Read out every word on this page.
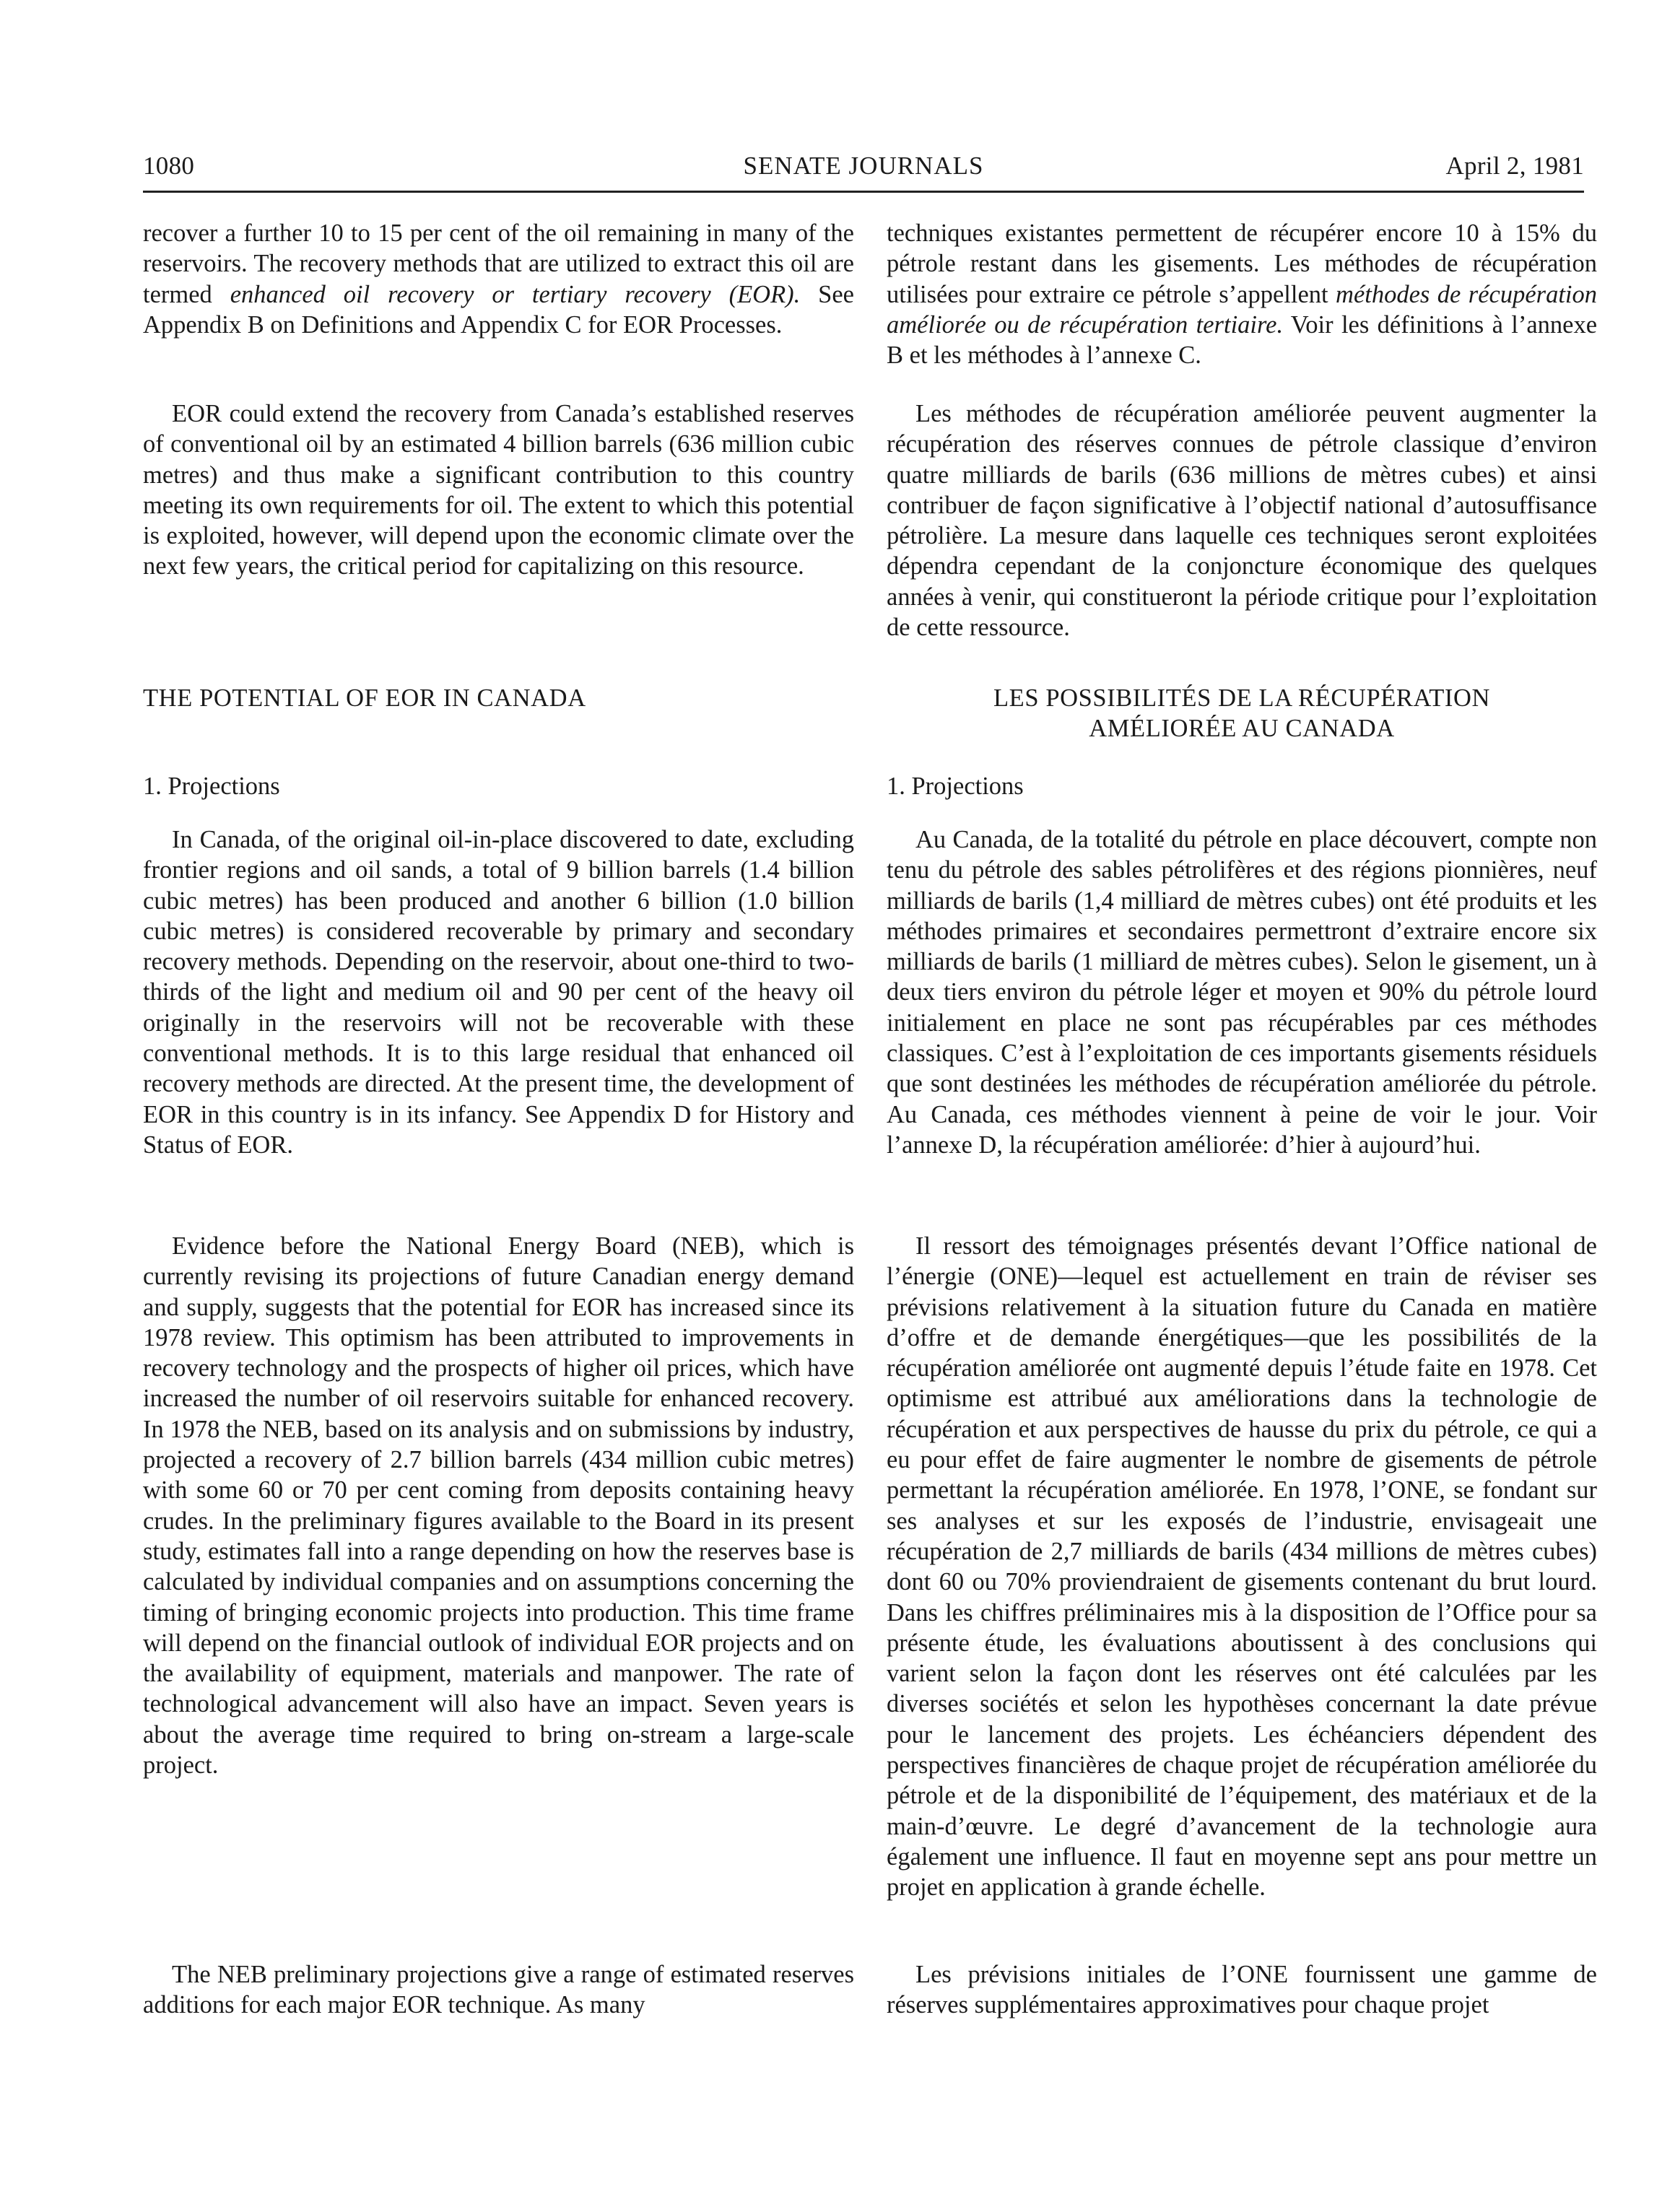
1080	SENATE JOURNALS	April 2, 1981

recover a further 10 to 15 per cent of the oil remaining in many of the reservoirs. The recovery methods that are utilized to extract this oil are termed enhanced oil recovery or tertiary recovery (EOR). See Appendix B on Definitions and Appendix C for EOR Processes.

EOR could extend the recovery from Canada’s established reserves of conventional oil by an estimated 4 billion barrels (636 million cubic metres) and thus make a significant contribution to this country meeting its own requirements for oil. The extent to which this potential is exploited, however, will depend upon the economic climate over the next few years, the critical period for capitalizing on this resource.

THE POTENTIAL OF EOR IN CANADA

1. Projections

In Canada, of the original oil-in-place discovered to date, excluding frontier regions and oil sands, a total of 9 billion barrels (1.4 billion cubic metres) has been produced and another 6 billion (1.0 billion cubic metres) is considered recoverable by primary and secondary recovery methods. Depending on the reservoir, about one-third to two-thirds of the light and medium oil and 90 per cent of the heavy oil originally in the reservoirs will not be recoverable with these conventional methods. It is to this large residual that enhanced oil recovery methods are directed. At the present time, the development of EOR in this country is in its infancy. See Appendix D for History and Status of EOR.

Evidence before the National Energy Board (NEB), which is currently revising its projections of future Canadian energy demand and supply, suggests that the potential for EOR has increased since its 1978 review. This optimism has been attributed to improvements in recovery technology and the prospects of higher oil prices, which have increased the number of oil reservoirs suitable for enhanced recovery. In 1978 the NEB, based on its analysis and on submissions by industry, projected a recovery of 2.7 billion barrels (434 million cubic metres) with some 60 or 70 per cent coming from deposits containing heavy crudes. In the preliminary figures available to the Board in its present study, estimates fall into a range depending on how the reserves base is calculated by individual companies and on assumptions concerning the timing of bringing economic projects into production. This time frame will depend on the financial outlook of individual EOR projects and on the availability of equipment, materials and manpower. The rate of technological advancement will also have an impact. Seven years is about the average time required to bring on-stream a large-scale project.

The NEB preliminary projections give a range of estimated reserves additions for each major EOR technique. As many

techniques existantes permettent de récupérer encore 10 à 15% du pétrole restant dans les gisements. Les méthodes de récupération utilisées pour extraire ce pétrole s’appellent méthodes de récupération améliorée ou de récupération tertiaire. Voir les définitions à l’annexe B et les méthodes à l’annexe C.

Les méthodes de récupération améliorée peuvent augmenter la récupération des réserves connues de pétrole classique d’environ quatre milliards de barils (636 millions de mètres cubes) et ainsi contribuer de façon significative à l’objectif national d’autosuffisance pétrolière. La mesure dans laquelle ces techniques seront exploitées dépendra cependant de la conjoncture économique des quelques années à venir, qui constitueront la période critique pour l’exploitation de cette ressource.

LES POSSIBILITÉS DE LA RÉCUPÉRATION
AMÉLIORÉE AU CANADA

1. Projections

Au Canada, de la totalité du pétrole en place découvert, compte non tenu du pétrole des sables pétrolifères et des régions pionnières, neuf milliards de barils (1,4 milliard de mètres cubes) ont été produits et les méthodes primaires et secondaires permettront d’extraire encore six milliards de barils (1 milliard de mètres cubes). Selon le gisement, un à deux tiers environ du pétrole léger et moyen et 90% du pétrole lourd initialement en place ne sont pas récupérables par ces méthodes classiques. C’est à l’exploitation de ces importants gisements résiduels que sont destinées les méthodes de récupération améliorée du pétrole. Au Canada, ces méthodes viennent à peine de voir le jour. Voir l’annexe D, la récupération améliorée: d’hier à aujourd’hui.

Il ressort des témoignages présentés devant l’Office national de l’énergie (ONE)—lequel est actuellement en train de réviser ses prévisions relativement à la situation future du Canada en matière d’offre et de demande énergétiques—que les possibilités de la récupération améliorée ont augmenté depuis l’étude faite en 1978. Cet optimisme est attribué aux améliorations dans la technologie de récupération et aux perspectives de hausse du prix du pétrole, ce qui a eu pour effet de faire augmenter le nombre de gisements de pétrole permettant la récupération améliorée. En 1978, l’ONE, se fondant sur ses analyses et sur les exposés de l’industrie, envisageait une récupération de 2,7 milliards de barils (434 millions de mètres cubes) dont 60 ou 70% proviendraient de gisements contenant du brut lourd. Dans les chiffres préliminaires mis à la disposition de l’Office pour sa présente étude, les évaluations aboutissent à des conclusions qui varient selon la façon dont les réserves ont été calculées par les diverses sociétés et selon les hypothèses concernant la date prévue pour le lancement des projets. Les échéanciers dépendent des perspectives financières de chaque projet de récupération améliorée du pétrole et de la disponibilité de l’équipement, des matériaux et de la main-d’œuvre. Le degré d’avancement de la technologie aura également une influence. Il faut en moyenne sept ans pour mettre un projet en application à grande échelle.

Les prévisions initiales de l’ONE fournissent une gamme de réserves supplémentaires approximatives pour chaque projet
